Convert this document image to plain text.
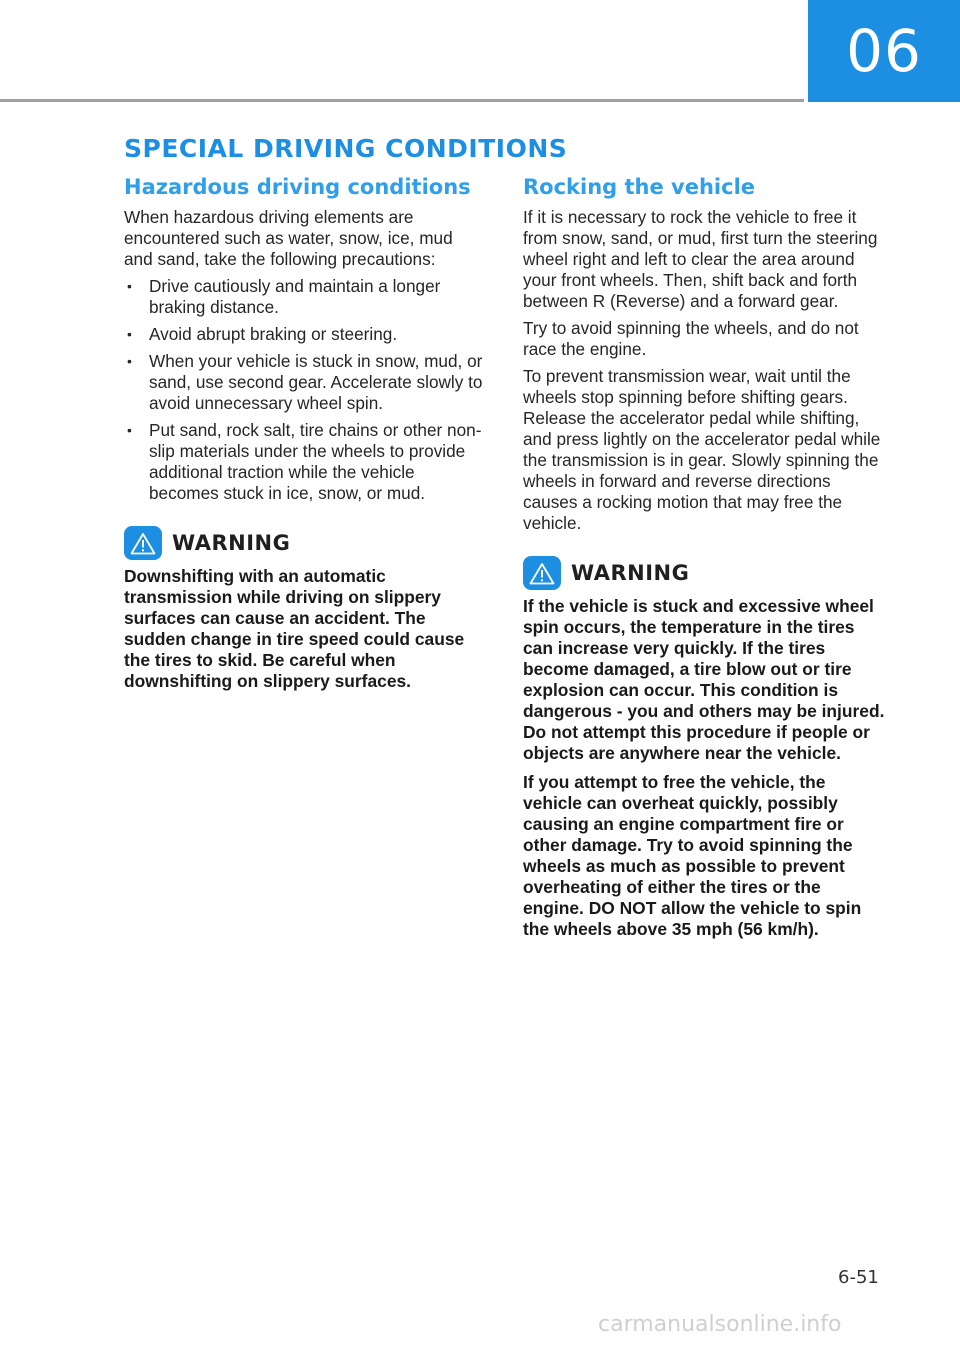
06
SPECIAL DRIVING CONDITIONS
Hazardous driving conditions

When hazardous driving elements are encountered such as water, snow, ice, mud and sand, take the following precautions:

• Drive cautiously and maintain a longer braking distance.
• Avoid abrupt braking or steering.
• When your vehicle is stuck in snow, mud, or sand, use second gear. Accelerate slowly to avoid unnecessary wheel spin.
• Put sand, rock salt, tire chains or other non-slip materials under the wheels to provide additional traction while the vehicle becomes stuck in ice, snow, or mud.
WARNING

Downshifting with an automatic transmission while driving on slippery surfaces can cause an accident. The sudden change in tire speed could cause the tires to skid. Be careful when downshifting on slippery surfaces.

Rocking the vehicle

If it is necessary to rock the vehicle to free it from snow, sand, or mud, first turn the steering wheel right and left to clear the area around your front wheels. Then, shift back and forth between R (Reverse) and a forward gear.

Try to avoid spinning the wheels, and do not race the engine.

To prevent transmission wear, wait until the wheels stop spinning before shifting gears. Release the accelerator pedal while shifting, and press lightly on the accelerator pedal while the transmission is in gear. Slowly spinning the wheels in forward and reverse directions causes a rocking motion that may free the vehicle.

WARNING

If the vehicle is stuck and excessive wheel spin occurs, the temperature in the tires can increase very quickly. If the tires become damaged, a tire blow out or tire explosion can occur. This condition is dangerous - you and others may be injured. Do not attempt this procedure if people or objects are anywhere near the vehicle.

If you attempt to free the vehicle, the vehicle can overheat quickly, possibly causing an engine compartment fire or other damage. Try to avoid spinning the wheels as much as possible to prevent overheating of either the tires or the engine. DO NOT allow the vehicle to spin the wheels above 35 mph (56 km/h).

6-51
carmanualsonline.info
